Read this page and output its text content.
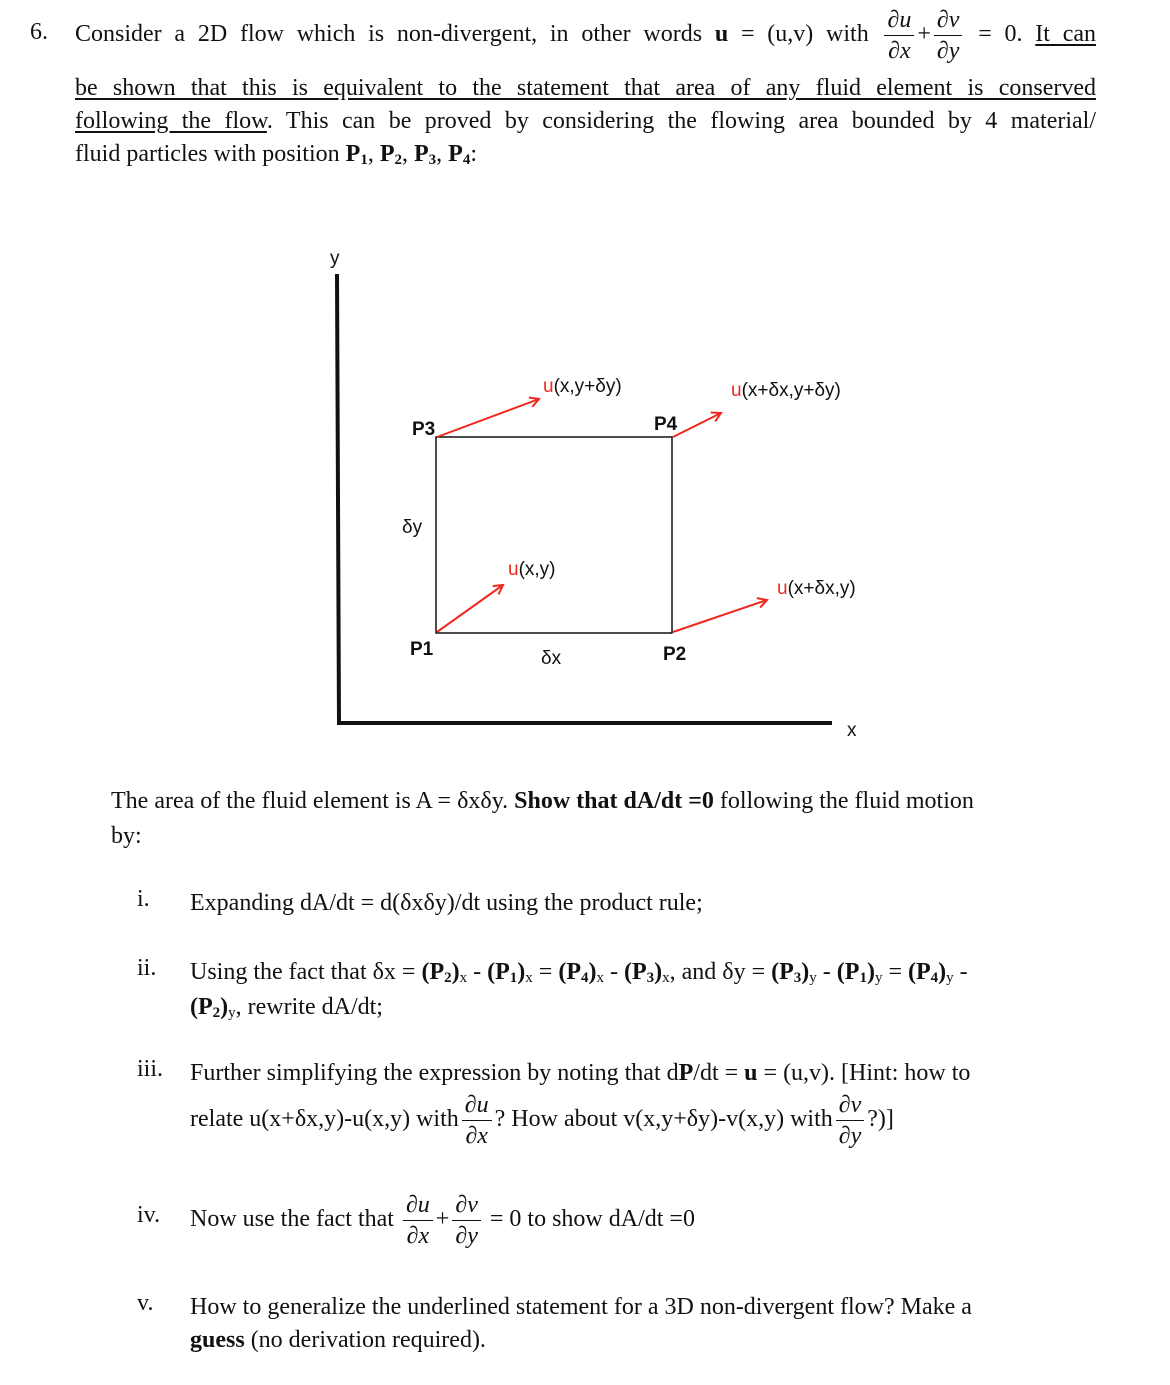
6. Consider a 2D flow which is non-divergent, in other words u = (u,v) with $\frac{\partial u}{\partial x} + \frac{\partial v}{\partial y} = 0$. It can
be shown that this is equivalent to the statement that area of any fluid element is conserved
following the flow. This can be proved by considering the flowing area bounded by 4 material/
fluid particles with position $P_1$, $P_2$, $P_3$, $P_4$:
y
x
P3	P4
P1	P2
δy
δx
u(x,y)
u(x+δx,y)
u(x,y+δy)	u(x+δx,y+δy)
The area of the fluid element is A = δxδy. Show that dA/dt =0 following the fluid motion
by:
i. Expanding dA/dt = d(δxδy)/dt using the product rule;
ii. Using the fact that $\delta x = (P_2)_x - (P_1)_x = (P_4)_x - (P_3)_x$, and $\delta y = (P_3)_y - (P_1)_y = (P_4)_y$ -
$(P_2)_y$, rewrite dA/dt;
iii. Further simplifying the expression by noting that dP/dt = u = (u,v). [Hint: how to
relate u(x+δx,y)-u(x,y) with $\frac{\partial u}{\partial x}$ ? How about v(x,y+δy)-v(x,y) with $\frac{\partial v}{\partial y}$ ?)]
iv. Now use the fact that $\frac{\partial u}{\partial x} + \frac{\partial v}{\partial y} = 0$ to show dA/dt =0
v. How to generalize the underlined statement for a 3D non-divergent flow? Make a
guess (no derivation required).
